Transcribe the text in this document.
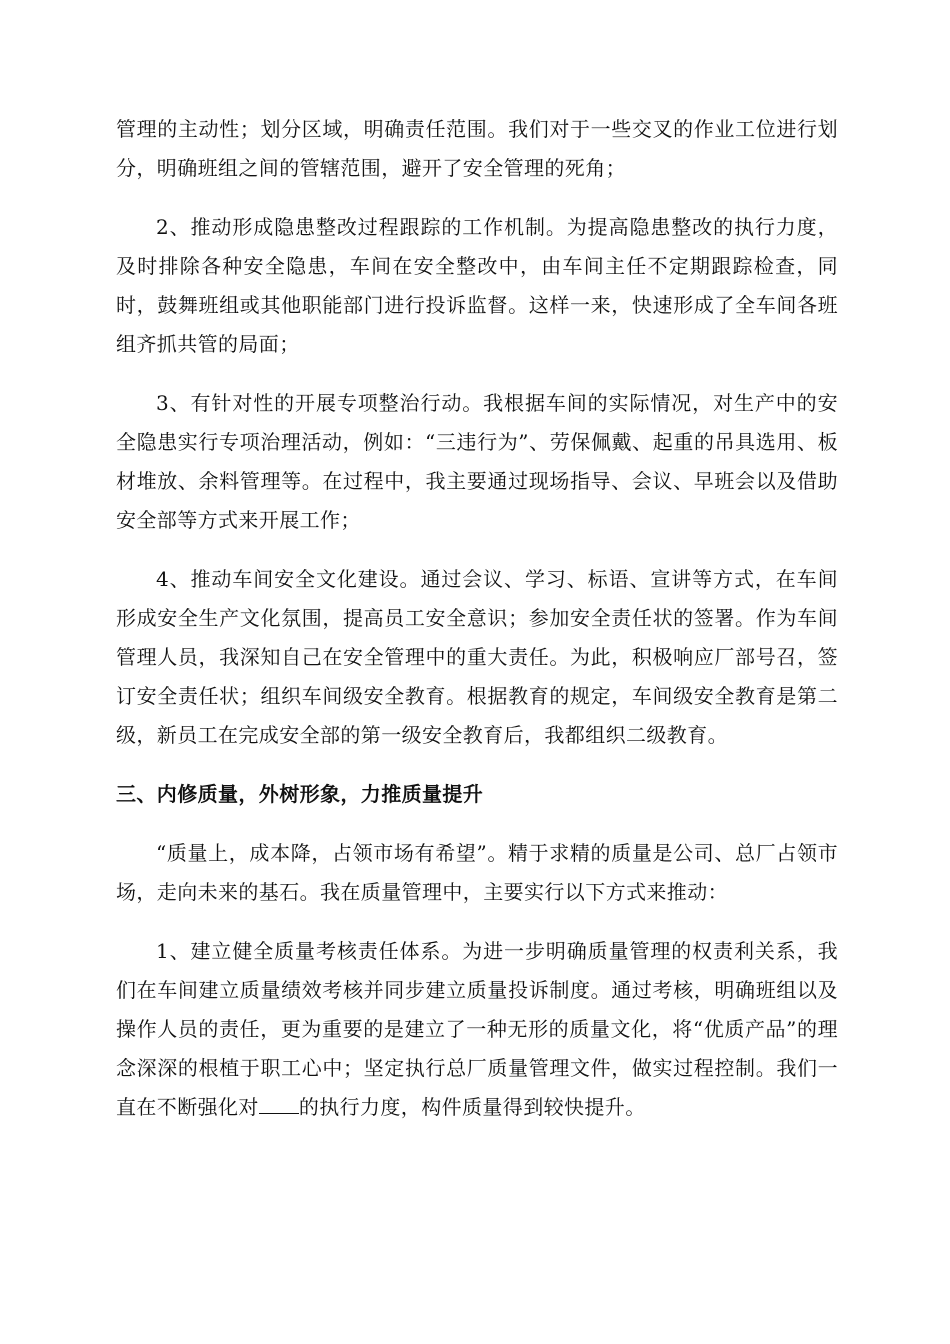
管理的主动性；划分区域，明确责任范围。我们对于一些交叉的作业工位进行划分，明确班组之间的管辖范围，避开了安全管理的死角；

2、推动形成隐患整改过程跟踪的工作机制。为提高隐患整改的执行力度，及时排除各种安全隐患，车间在安全整改中，由车间主任不定期跟踪检查，同时，鼓舞班组或其他职能部门进行投诉监督。这样一来，快速形成了全车间各班组齐抓共管的局面；

3、有针对性的开展专项整治行动。我根据车间的实际情况，对生产中的安全隐患实行专项治理活动，例如：“三违行为”、劳保佩戴、起重的吊具选用、板材堆放、余料管理等。在过程中，我主要通过现场指导、会议、早班会以及借助安全部等方式来开展工作；

4、推动车间安全文化建设。通过会议、学习、标语、宣讲等方式，在车间形成安全生产文化氛围，提高员工安全意识；参加安全责任状的签署。作为车间管理人员，我深知自己在安全管理中的重大责任。为此，积极响应厂部号召，签订安全责任状；组织车间级安全教育。根据教育的规定，车间级安全教育是第二级，新员工在完成安全部的第一级安全教育后，我都组织二级教育。

三、内修质量，外树形象，力推质量提升

“质量上，成本降，占领市场有希望”。精于求精的质量是公司、总厂占领市场，走向未来的基石。我在质量管理中，主要实行以下方式来推动：

1、建立健全质量考核责任体系。为进一步明确质量管理的权责利关系，我们在车间建立质量绩效考核并同步建立质量投诉制度。通过考核，明确班组以及操作人员的责任，更为重要的是建立了一种无形的质量文化，将“优质产品”的理念深深的根植于职工心中；坚定执行总厂质量管理文件，做实过程控制。我们一直在不断强化对 的执行力度，构件质量得到较快提升。
